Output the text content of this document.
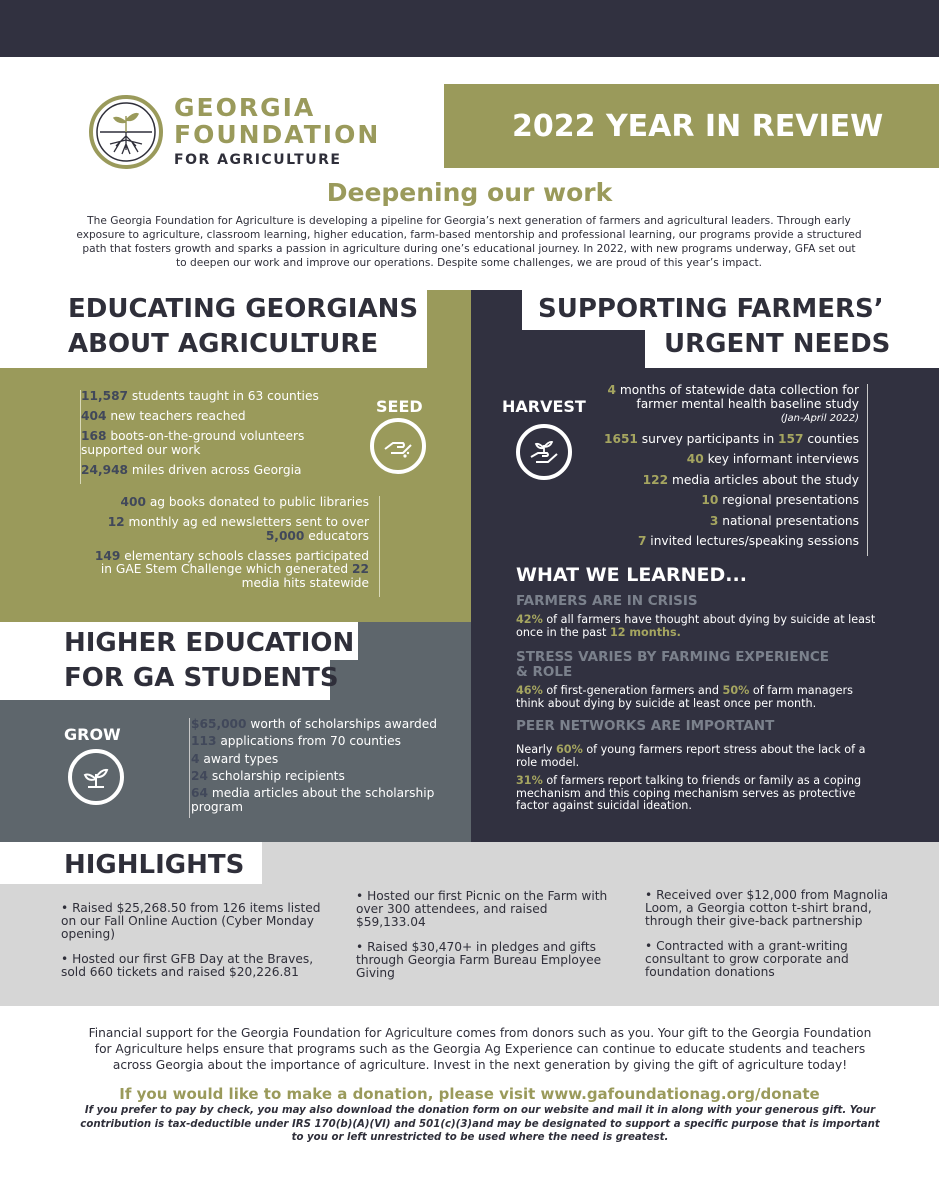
GEORGIA
FOUNDATION
FOR AGRICULTURE
2022 YEAR IN REVIEW
Deepening our work
The Georgia Foundation for Agriculture is developing a pipeline for Georgia’s next generation of farmers and agricultural leaders. Through early exposure to agriculture, classroom learning, higher education, farm-based mentorship and professional learning, our programs provide a structured path that fosters growth and sparks a passion in agriculture during one’s educational journey. In 2022, with new programs underway, GFA set out to deepen our work and improve our operations. Despite some challenges, we are proud of this year’s impact.
EDUCATING GEORGIANS
ABOUT AGRICULTURE
SUPPORTING FARMERS’
URGENT NEEDS
HIGHER EDUCATION
FOR GA STUDENTS
SEED
11,587 students taught in 63 counties
404 new teachers reached
168 boots-on-the-ground volunteers supported our work
24,948 miles driven across Georgia
400 ag books donated to public libraries
12 monthly ag ed newsletters sent to over 5,000 educators
149 elementary schools classes participated in GAE Stem Challenge which generated 22 media hits statewide
HARVEST
4 months of statewide data collection for farmer mental health baseline study
(Jan-April 2022)
1651 survey participants in 157 counties
40 key informant interviews
122 media articles about the study
10 regional presentations
3 national presentations
7 invited lectures/speaking sessions
WHAT WE LEARNED...
FARMERS ARE IN CRISIS
42% of all farmers have thought about dying by suicide at least once in the past 12 months.
STRESS VARIES BY FARMING EXPERIENCE & ROLE
46% of first-generation farmers and 50% of farm managers think about dying by suicide at least once per month.
PEER NETWORKS ARE IMPORTANT
Nearly 60% of young farmers report stress about the lack of a role model.
31% of farmers report talking to friends or family as a coping mechanism and this coping mechanism serves as protective factor against suicidal ideation.
GROW
$65,000 worth of scholarships awarded
113 applications from 70 counties
4 award types
24 scholarship recipients
64 media articles about the scholarship program
HIGHLIGHTS
• Raised $25,268.50 from 126 items listed on our Fall Online Auction (Cyber Monday opening)
• Hosted our first GFB Day at the Braves, sold 660 tickets and raised $20,226.81
• Hosted our first Picnic on the Farm with over 300 attendees, and raised $59,133.04
• Raised $30,470+ in pledges and gifts through Georgia Farm Bureau Employee Giving
• Received over $12,000 from Magnolia Loom, a Georgia cotton t-shirt brand, through their give-back partnership
• Contracted with a grant-writing consultant to grow corporate and foundation donations
Financial support for the Georgia Foundation for Agriculture comes from donors such as you. Your gift to the Georgia Foundation for Agriculture helps ensure that programs such as the Georgia Ag Experience can continue to educate students and teachers across Georgia about the importance of agriculture. Invest in the next generation by giving the gift of agriculture today!
If you would like to make a donation, please visit www.gafoundationag.org/donate
If you prefer to pay by check, you may also download the donation form on our website and mail it in along with your generous gift. Your contribution is tax-deductible under IRS 170(b)(A)(VI) and 501(c)(3)and may be designated to support a specific purpose that is important to you or left unrestricted to be used where the need is greatest.
